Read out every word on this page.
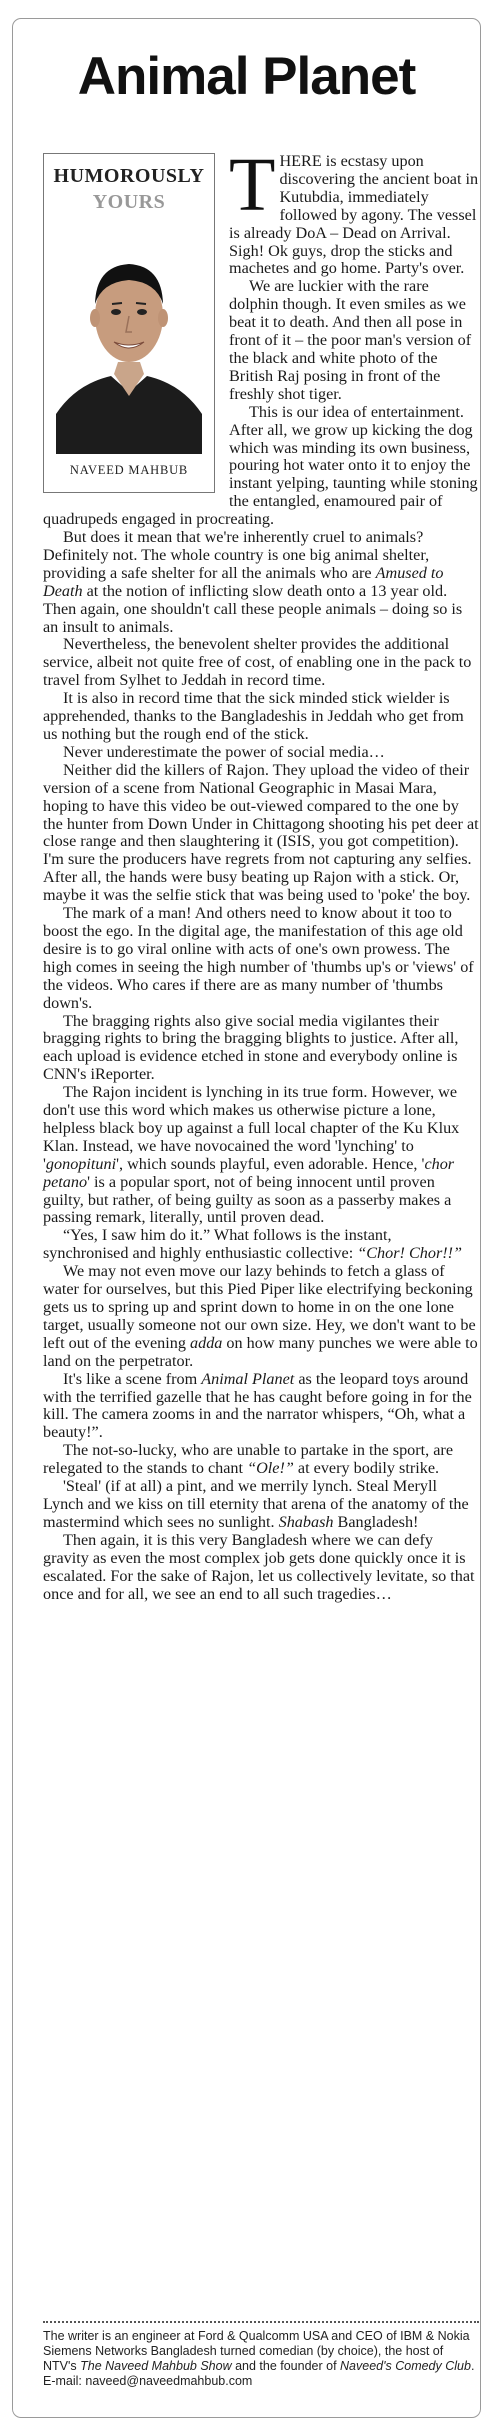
Animal Planet
HUMOROUSLY
YOURS
NAVEED MAHBUB

THERE is ecstasy upon discovering the ancient boat in Kutubdia, immediately followed by agony. The vessel is already DoA – Dead on Arrival. Sigh! Ok guys, drop the sticks and machetes and go home. Party's over.

We are luckier with the rare dolphin though. It even smiles as we beat it to death. And then all pose in front of it – the poor man's version of the black and white photo of the British Raj posing in front of the freshly shot tiger.

This is our idea of entertainment. After all, we grow up kicking the dog which was minding its own business, pouring hot water onto it to enjoy the instant yelping, taunting while stoning the entangled, enamoured pair of quadrupeds engaged in procreating.

But does it mean that we're inherently cruel to animals? Definitely not. The whole country is one big animal shelter, providing a safe shelter for all the animals who are Amused to Death at the notion of inflicting slow death onto a 13 year old. Then again, one shouldn't call these people animals – doing so is an insult to animals.

Nevertheless, the benevolent shelter provides the additional service, albeit not quite free of cost, of enabling one in the pack to travel from Sylhet to Jeddah in record time.

It is also in record time that the sick minded stick wielder is apprehended, thanks to the Bangladeshis in Jeddah who get from us nothing but the rough end of the stick.

Never underestimate the power of social media…

Neither did the killers of Rajon. They upload the video of their version of a scene from National Geographic in Masai Mara, hoping to have this video be out-viewed compared to the one by the hunter from Down Under in Chittagong shooting his pet deer at close range and then slaughtering it (ISIS, you got competition). I'm sure the producers have regrets from not capturing any selfies. After all, the hands were busy beating up Rajon with a stick. Or, maybe it was the selfie stick that was being used to 'poke' the boy.

The mark of a man! And others need to know about it too to boost the ego. In the digital age, the manifestation of this age old desire is to go viral online with acts of one's own prowess. The high comes in seeing the high number of 'thumbs up's or 'views' of the videos. Who cares if there are as many number of 'thumbs down's.

The bragging rights also give social media vigilantes their bragging rights to bring the bragging blights to justice. After all, each upload is evidence etched in stone and everybody online is CNN's iReporter.

The Rajon incident is lynching in its true form. However, we don't use this word which makes us otherwise picture a lone, helpless black boy up against a full local chapter of the Ku Klux Klan. Instead, we have novocained the word 'lynching' to 'gonopituni', which sounds playful, even adorable. Hence, 'chor petano' is a popular sport, not of being innocent until proven guilty, but rather, of being guilty as soon as a passerby makes a passing remark, literally, until proven dead.

“Yes, I saw him do it.” What follows is the instant, synchronised and highly enthusiastic collective: “Chor! Chor!!”

We may not even move our lazy behinds to fetch a glass of water for ourselves, but this Pied Piper like electrifying beckoning gets us to spring up and sprint down to home in on the one lone target, usually someone not our own size. Hey, we don't want to be left out of the evening adda on how many punches we were able to land on the perpetrator.

It's like a scene from Animal Planet as the leopard toys around with the terrified gazelle that he has caught before going in for the kill. The camera zooms in and the narrator whispers, “Oh, what a beauty!”.

The not-so-lucky, who are unable to partake in the sport, are relegated to the stands to chant “Ole!” at every bodily strike.

'Steal' (if at all) a pint, and we merrily lynch. Steal Meryll Lynch and we kiss on till eternity that arena of the anatomy of the mastermind which sees no sunlight. Shabash Bangladesh!

Then again, it is this very Bangladesh where we can defy gravity as even the most complex job gets done quickly once it is escalated. For the sake of Rajon, let us collectively levitate, so that once and for all, we see an end to all such tragedies…

The writer is an engineer at Ford & Qualcomm USA and CEO of IBM & Nokia Siemens Networks Bangladesh turned comedian (by choice), the host of NTV's The Naveed Mahbub Show and the founder of Naveed's Comedy Club.
E-mail: naveed@naveedmahbub.com
